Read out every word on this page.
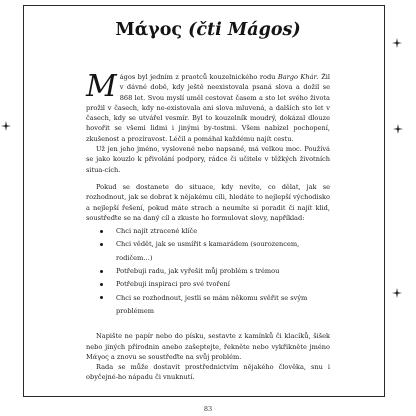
Μάγος (čti Mágos)

Mágos byl jedním z praotců kouzelnického rodu Bargo Khár. Žil v dávné době, kdy ještě neexistovala psaná slova a dožil se 868 let. Svou myslí uměl cestovat časem a sto let svého života prožil v časech, kdy ne-existovala ani slova mluvená, a dalších sto let v časech, kdy se utvářel vesmír. Byl to kouzelník moudrý, dokázal dlouze hovořit se všemi lidmi i jinými by-tostmi. Všem nabízel pochopení, zkušenost a prozíravost. Léčil a pomáhal každému najít cestu.

Už jen jeho jméno, vyslovené nebo napsané, má velkou moc. Používá se jako kouzlo k přivolání podpory, rádce či učitele v těžkých životních situa-cích.

Pokud se dostanete do situace, kdy nevíte, co dělat, jak se rozhodnout, jak se dobrat k nějakému cíli, hledáte to nejlepší východisko a nejlepší řešení, pokud máte strach a neumíte si poradit či najít klid, soustřeďte se na daný cíl a zkuste ho formulovat slovy, například:

Chci najít ztracené klíče
Chci vědět, jak se usmířit s kamarádem (sourozencem, rodičem…)
Potřebuji radu, jak vyřešit můj problém s trémou
Potřebuji inspiraci pro své tvoření
Chci se rozhodnout, jestli se mám někomu svěřit se svým problémem

Napište ne papír nebo do písku, sestavte z kamínků či klacíků, šišek nebo jiných přírodnin anebo zašeptejte, řekněte nebo vykřikněte jméno Μάγος a znovu se soustřeďte na svůj problém.

Rada se může dostavit prostřednictvím nějakého člověka, snu i obyčejné-ho nápadu či vnuknutí.

83
